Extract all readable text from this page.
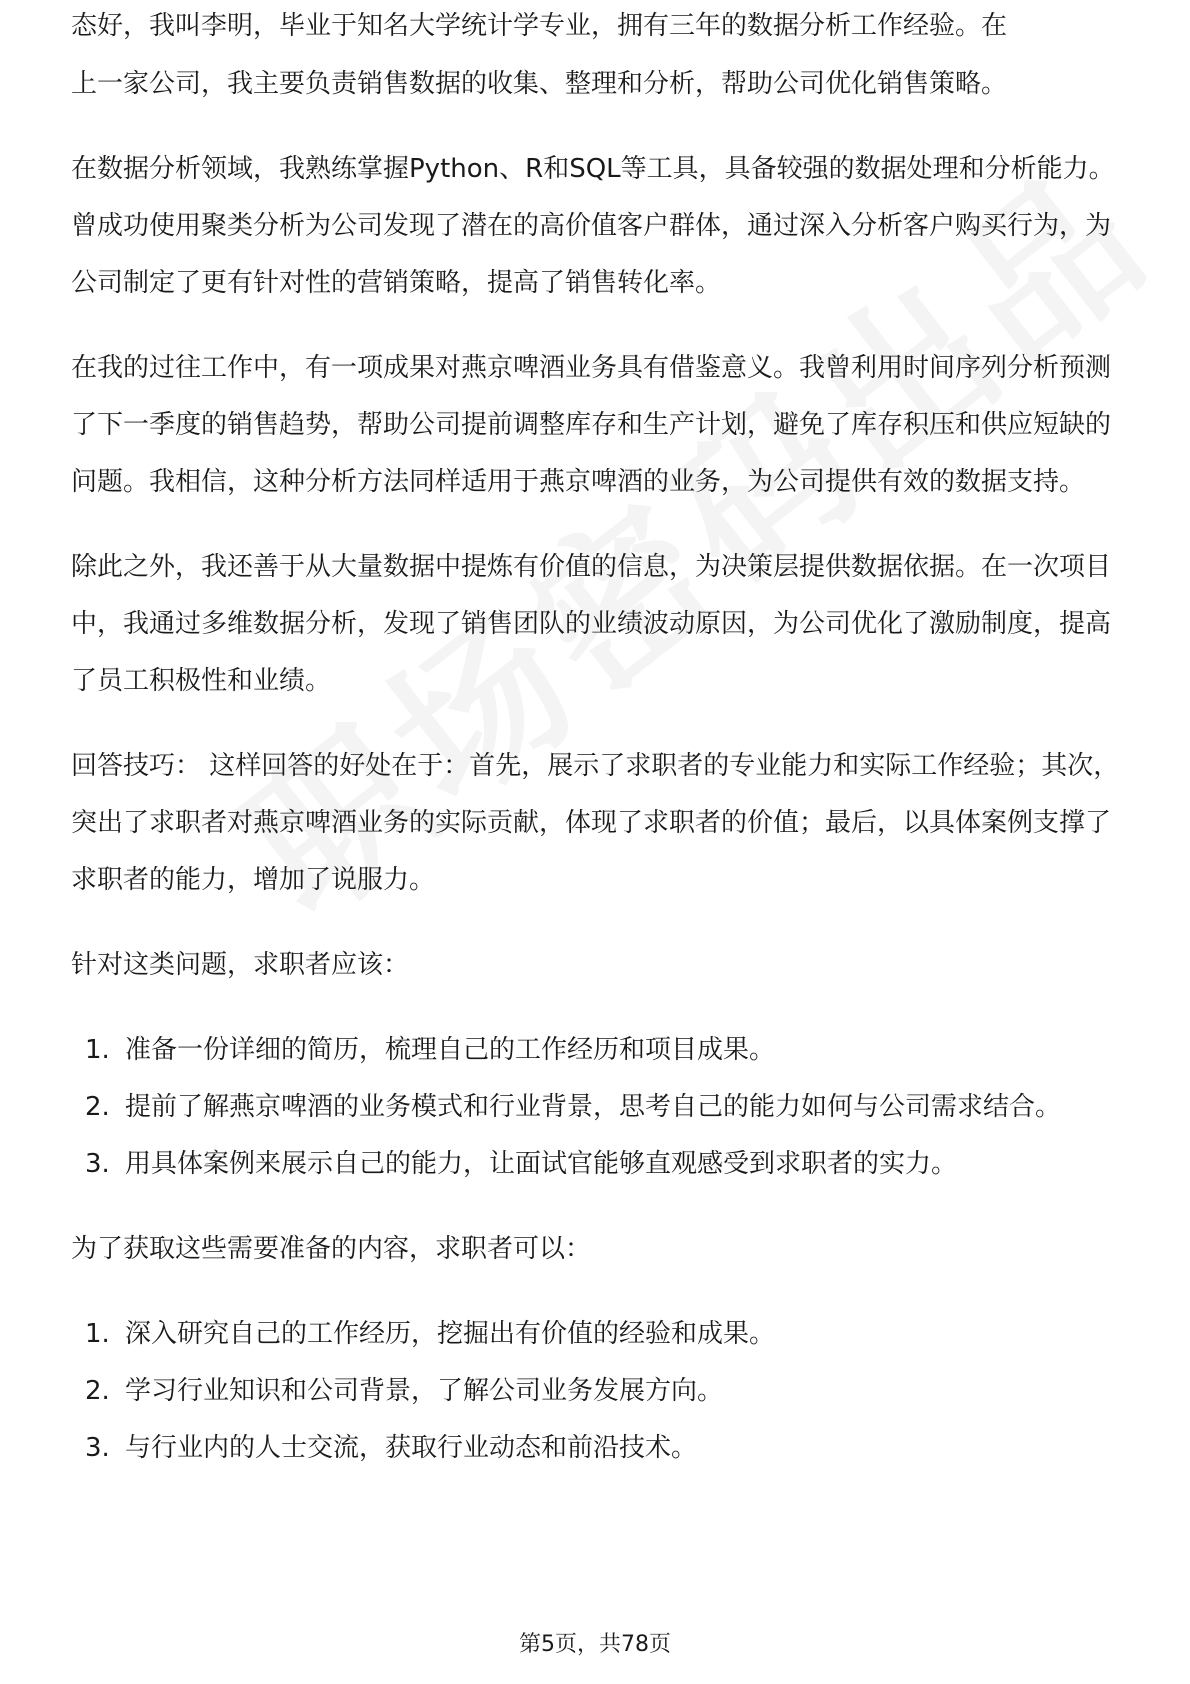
态好，我叫李明，毕业于知名大学统计学专业，拥有三年的数据分析工作经验。在

上一家公司，我主要负责销售数据的收集、整理和分析，帮助公司优化销售策略。

在数据分析领域，我熟练掌握Python、R和SQL等工具，具备较强的数据处理和分析能力。曾成功使用聚类分析为公司发现了潜在的高价值客户群体，通过深入分析客户购买行为，为公司制定了更有针对性的营销策略，提高了销售转化率。

在我的过往工作中，有一项成果对燕京啤酒业务具有借鉴意义。我曾利用时间序列分析预测了下一季度的销售趋势，帮助公司提前调整库存和生产计划，避免了库存积压和供应短缺的问题。我相信，这种分析方法同样适用于燕京啤酒的业务，为公司提供有效的数据支持。

除此之外，我还善于从大量数据中提炼有价值的信息，为决策层提供数据依据。在一次项目中，我通过多维数据分析，发现了销售团队的业绩波动原因，为公司优化了激励制度，提高了员工积极性和业绩。

回答技巧： 这样回答的好处在于：首先，展示了求职者的专业能力和实际工作经验；其次，突出了求职者对燕京啤酒业务的实际贡献，体现了求职者的价值；最后，以具体案例支撑了求职者的能力，增加了说服力。

针对这类问题，求职者应该：

1. 准备一份详细的简历，梳理自己的工作经历和项目成果。
2. 提前了解燕京啤酒的业务模式和行业背景，思考自己的能力如何与公司需求结合。
3. 用具体案例来展示自己的能力，让面试官能够直观感受到求职者的实力。

为了获取这些需要准备的内容，求职者可以：

1. 深入研究自己的工作经历，挖掘出有价值的经验和成果。
2. 学习行业知识和公司背景，了解公司业务发展方向。
3. 与行业内的人士交流，获取行业动态和前沿技术。
第5页，共78页
